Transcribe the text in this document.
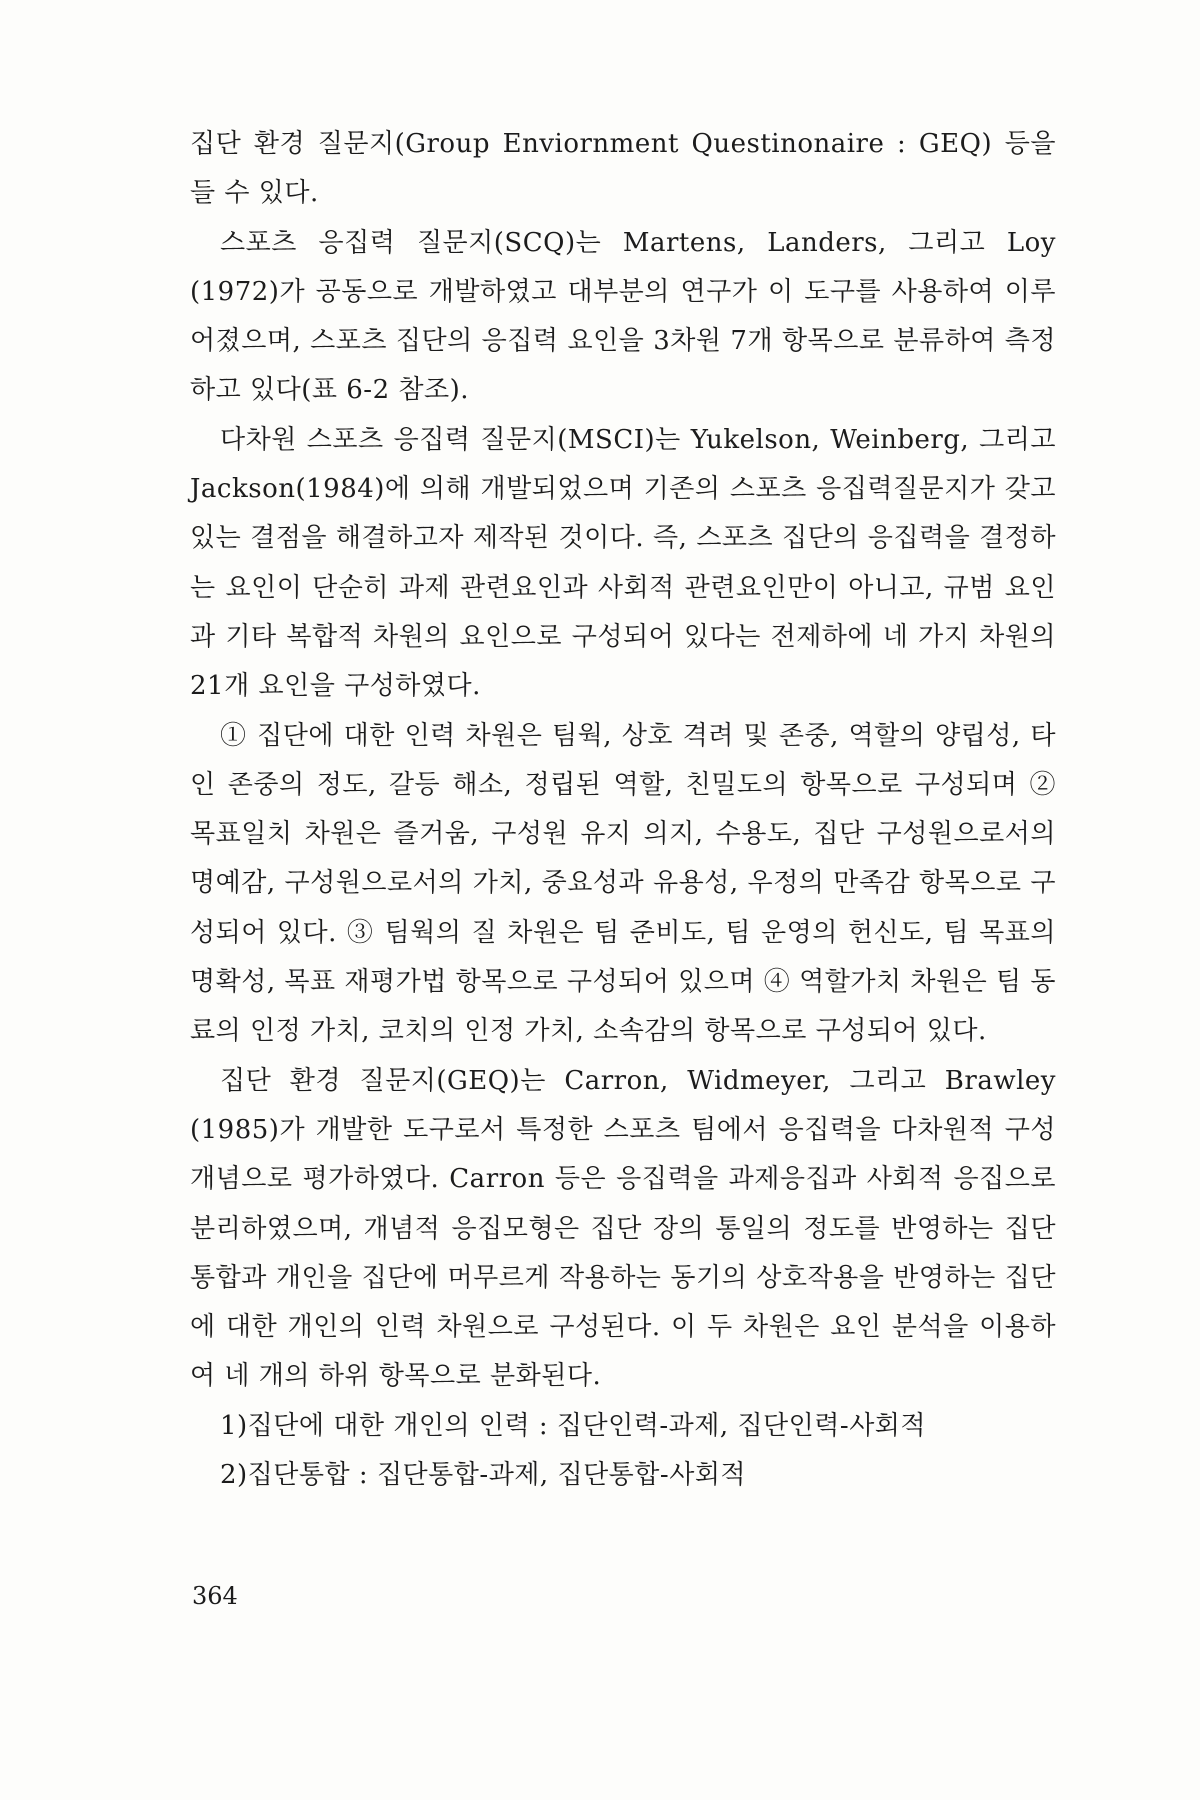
집단 환경 질문지(Group Enviornment Questinonaire : GEQ) 등을 들 수 있다.

스포츠 응집력 질문지(SCQ)는 Martens, Landers, 그리고 Loy (1972)가 공동으로 개발하였고 대부분의 연구가 이 도구를 사용하여 이루어졌으며, 스포츠 집단의 응집력 요인을 3차원 7개 항목으로 분류하여 측정하고 있다(표 6-2 참조).

다차원 스포츠 응집력 질문지(MSCI)는 Yukelson, Weinberg, 그리고 Jackson(1984)에 의해 개발되었으며 기존의 스포츠 응집력질문지가 갖고 있는 결점을 해결하고자 제작된 것이다. 즉, 스포츠 집단의 응집력을 결정하는 요인이 단순히 과제 관련요인과 사회적 관련요인만이 아니고, 규범 요인과 기타 복합적 차원의 요인으로 구성되어 있다는 전제하에 네 가지 차원의 21개 요인을 구성하였다.

① 집단에 대한 인력 차원은 팀웍, 상호 격려 및 존중, 역할의 양립성, 타인 존중의 정도, 갈등 해소, 정립된 역할, 친밀도의 항목으로 구성되며 ② 목표일치 차원은 즐거움, 구성원 유지 의지, 수용도, 집단 구성원으로서의 명예감, 구성원으로서의 가치, 중요성과 유용성, 우정의 만족감 항목으로 구성되어 있다. ③ 팀웍의 질 차원은 팀 준비도, 팀 운영의 헌신도, 팀 목표의 명확성, 목표 재평가법 항목으로 구성되어 있으며 ④ 역할가치 차원은 팀 동료의 인정 가치, 코치의 인정 가치, 소속감의 항목으로 구성되어 있다.

집단 환경 질문지(GEQ)는 Carron, Widmeyer, 그리고 Brawley (1985)가 개발한 도구로서 특정한 스포츠 팀에서 응집력을 다차원적 구성 개념으로 평가하였다. Carron 등은 응집력을 과제응집과 사회적 응집으로 분리하였으며, 개념적 응집모형은 집단 장의 통일의 정도를 반영하는 집단통합과 개인을 집단에 머무르게 작용하는 동기의 상호작용을 반영하는 집단에 대한 개인의 인력 차원으로 구성된다. 이 두 차원은 요인 분석을 이용하여 네 개의 하위 항목으로 분화된다.

1)집단에 대한 개인의 인력 : 집단인력-과제, 집단인력-사회적

2)집단통합 : 집단통합-과제, 집단통합-사회적

364
